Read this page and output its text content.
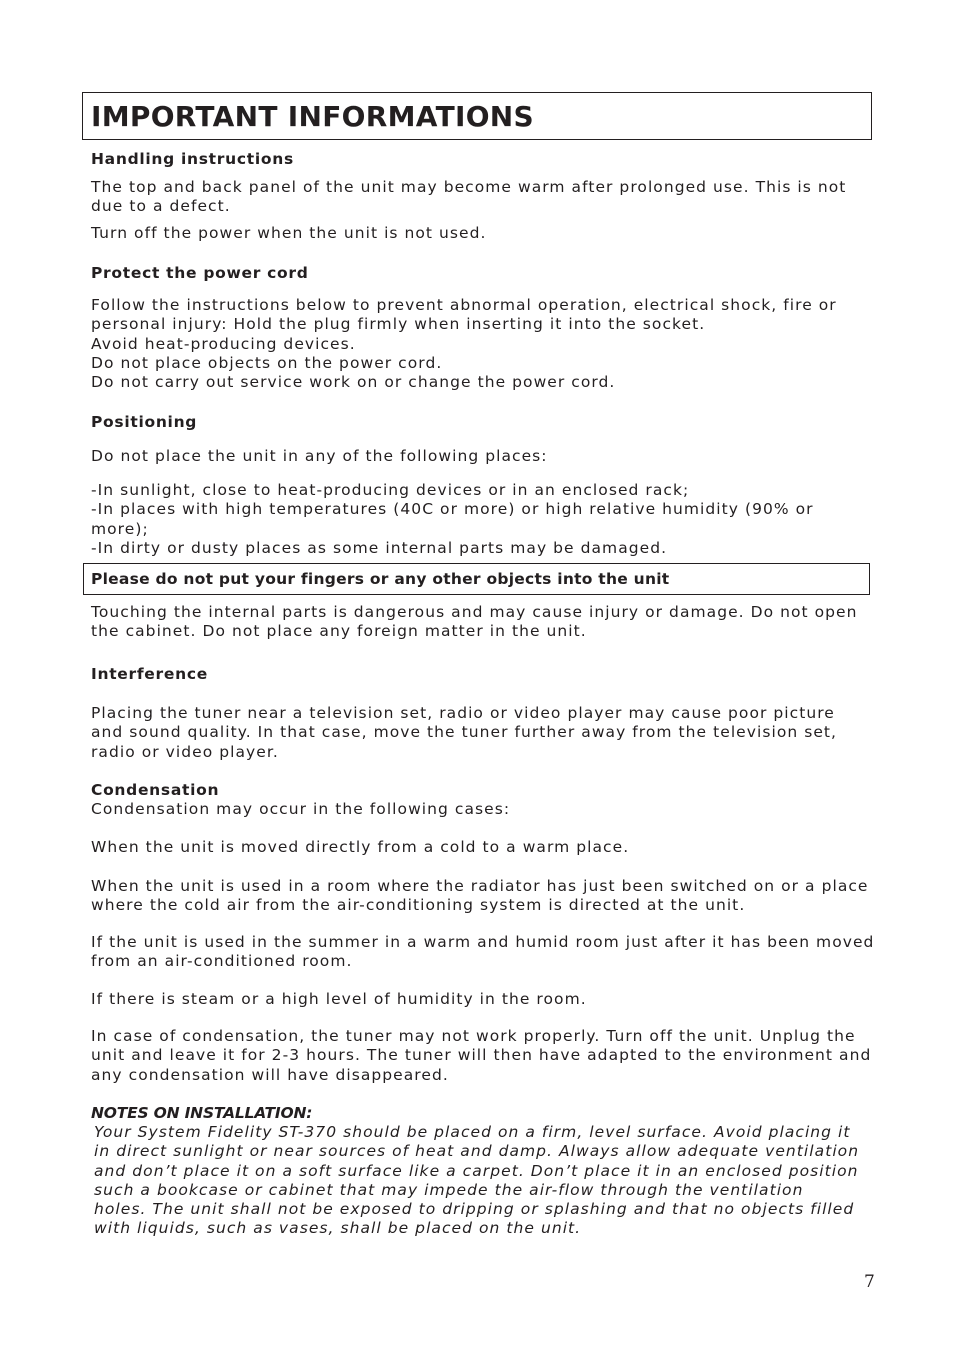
IMPORTANT INFORMATIONS
Handling instructions

The top and back panel of the unit may become warm after prolonged use. This is not
due to a defect.

Turn off the power when the unit is not used.

Protect the power cord

Follow the instructions below to prevent abnormal operation, electrical shock, fire or
personal injury: Hold the plug firmly when inserting it into the socket.
Avoid heat-producing devices.
Do not place objects on the power cord.
Do not carry out service work on or change the power cord.

Positioning

Do not place the unit in any of the following places:

-In sunlight, close to heat-producing devices or in an enclosed rack;
-In places with high temperatures (40C or more) or high relative humidity (90% or
more);
-In dirty or dusty places as some internal parts may be damaged.

Please do not put your fingers or any other objects into the unit

Touching the internal parts is dangerous and may cause injury or damage. Do not open
the cabinet. Do not place any foreign matter in the unit.

Interference

Placing the tuner near a television set, radio or video player may cause poor picture
and sound quality. In that case, move the tuner further away from the television set,
radio or video player.

Condensation

Condensation may occur in the following cases:

When the unit is moved directly from a cold to a warm place.

When the unit is used in a room where the radiator has just been switched on or a place
where the cold air from the air-conditioning system is directed at the unit.

If the unit is used in the summer in a warm and humid room just after it has been moved
from an air-conditioned room.

If there is steam or a high level of humidity in the room.

In case of condensation, the tuner may not work properly. Turn off the unit. Unplug the
unit and leave it for 2-3 hours. The tuner will then have adapted to the environment and
any condensation will have disappeared.

NOTES ON INSTALLATION:

Your System Fidelity ST-370 should be placed on a firm, level surface. Avoid placing it
in direct sunlight or near sources of heat and damp. Always allow adequate ventilation
and don’t place it on a soft surface like a carpet. Don’t place it in an enclosed position
such a bookcase or cabinet that may impede the air-flow through the ventilation
holes. The unit shall not be exposed to dripping or splashing and that no objects filled
with liquids, such as vases, shall be placed on the unit.

7
